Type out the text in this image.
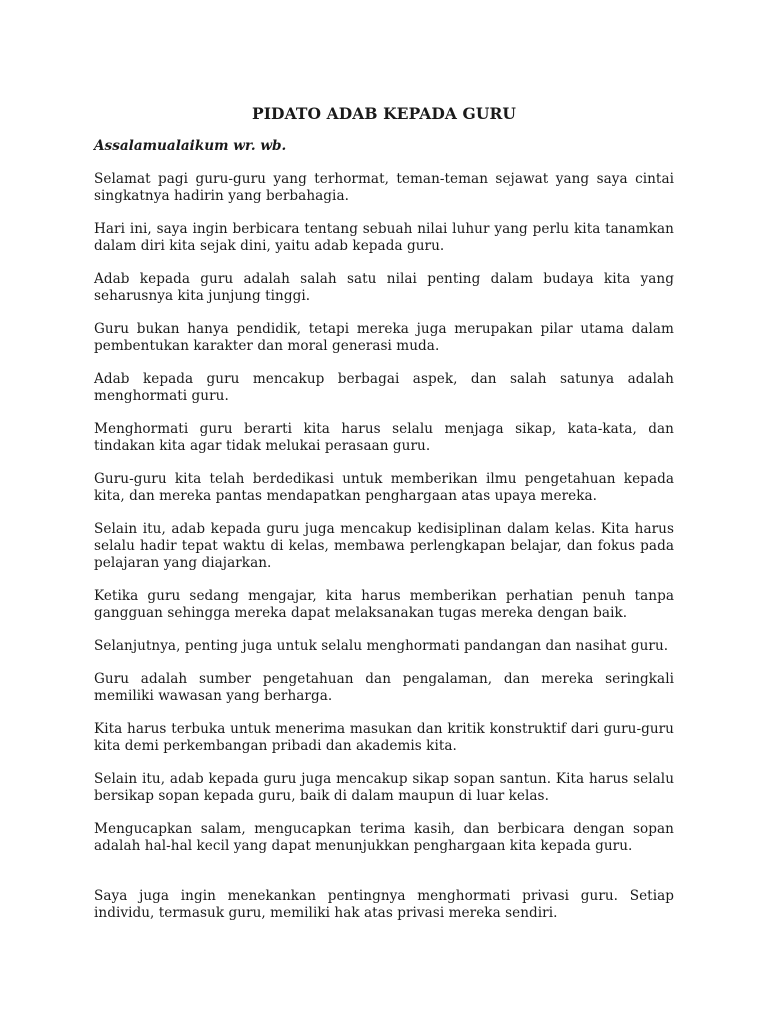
PIDATO ADAB KEPADA GURU

Assalamualaikum wr. wb.

Selamat pagi guru-guru yang terhormat, teman-teman sejawat yang saya cintai singkatnya hadirin yang berbahagia.

Hari ini, saya ingin berbicara tentang sebuah nilai luhur yang perlu kita tanamkan dalam diri kita sejak dini, yaitu adab kepada guru.

Adab kepada guru adalah salah satu nilai penting dalam budaya kita yang seharusnya kita junjung tinggi.

Guru bukan hanya pendidik, tetapi mereka juga merupakan pilar utama dalam pembentukan karakter dan moral generasi muda.

Adab kepada guru mencakup berbagai aspek, dan salah satunya adalah menghormati guru.

Menghormati guru berarti kita harus selalu menjaga sikap, kata-kata, dan tindakan kita agar tidak melukai perasaan guru.

Guru-guru kita telah berdedikasi untuk memberikan ilmu pengetahuan kepada kita, dan mereka pantas mendapatkan penghargaan atas upaya mereka.

Selain itu, adab kepada guru juga mencakup kedisiplinan dalam kelas. Kita harus selalu hadir tepat waktu di kelas, membawa perlengkapan belajar, dan fokus pada pelajaran yang diajarkan.

Ketika guru sedang mengajar, kita harus memberikan perhatian penuh tanpa gangguan sehingga mereka dapat melaksanakan tugas mereka dengan baik.

Selanjutnya, penting juga untuk selalu menghormati pandangan dan nasihat guru.

Guru adalah sumber pengetahuan dan pengalaman, dan mereka seringkali memiliki wawasan yang berharga.

Kita harus terbuka untuk menerima masukan dan kritik konstruktif dari guru-guru kita demi perkembangan pribadi dan akademis kita.

Selain itu, adab kepada guru juga mencakup sikap sopan santun. Kita harus selalu bersikap sopan kepada guru, baik di dalam maupun di luar kelas.

Mengucapkan salam, mengucapkan terima kasih, dan berbicara dengan sopan adalah hal-hal kecil yang dapat menunjukkan penghargaan kita kepada guru.

Saya juga ingin menekankan pentingnya menghormati privasi guru. Setiap individu, termasuk guru, memiliki hak atas privasi mereka sendiri.
